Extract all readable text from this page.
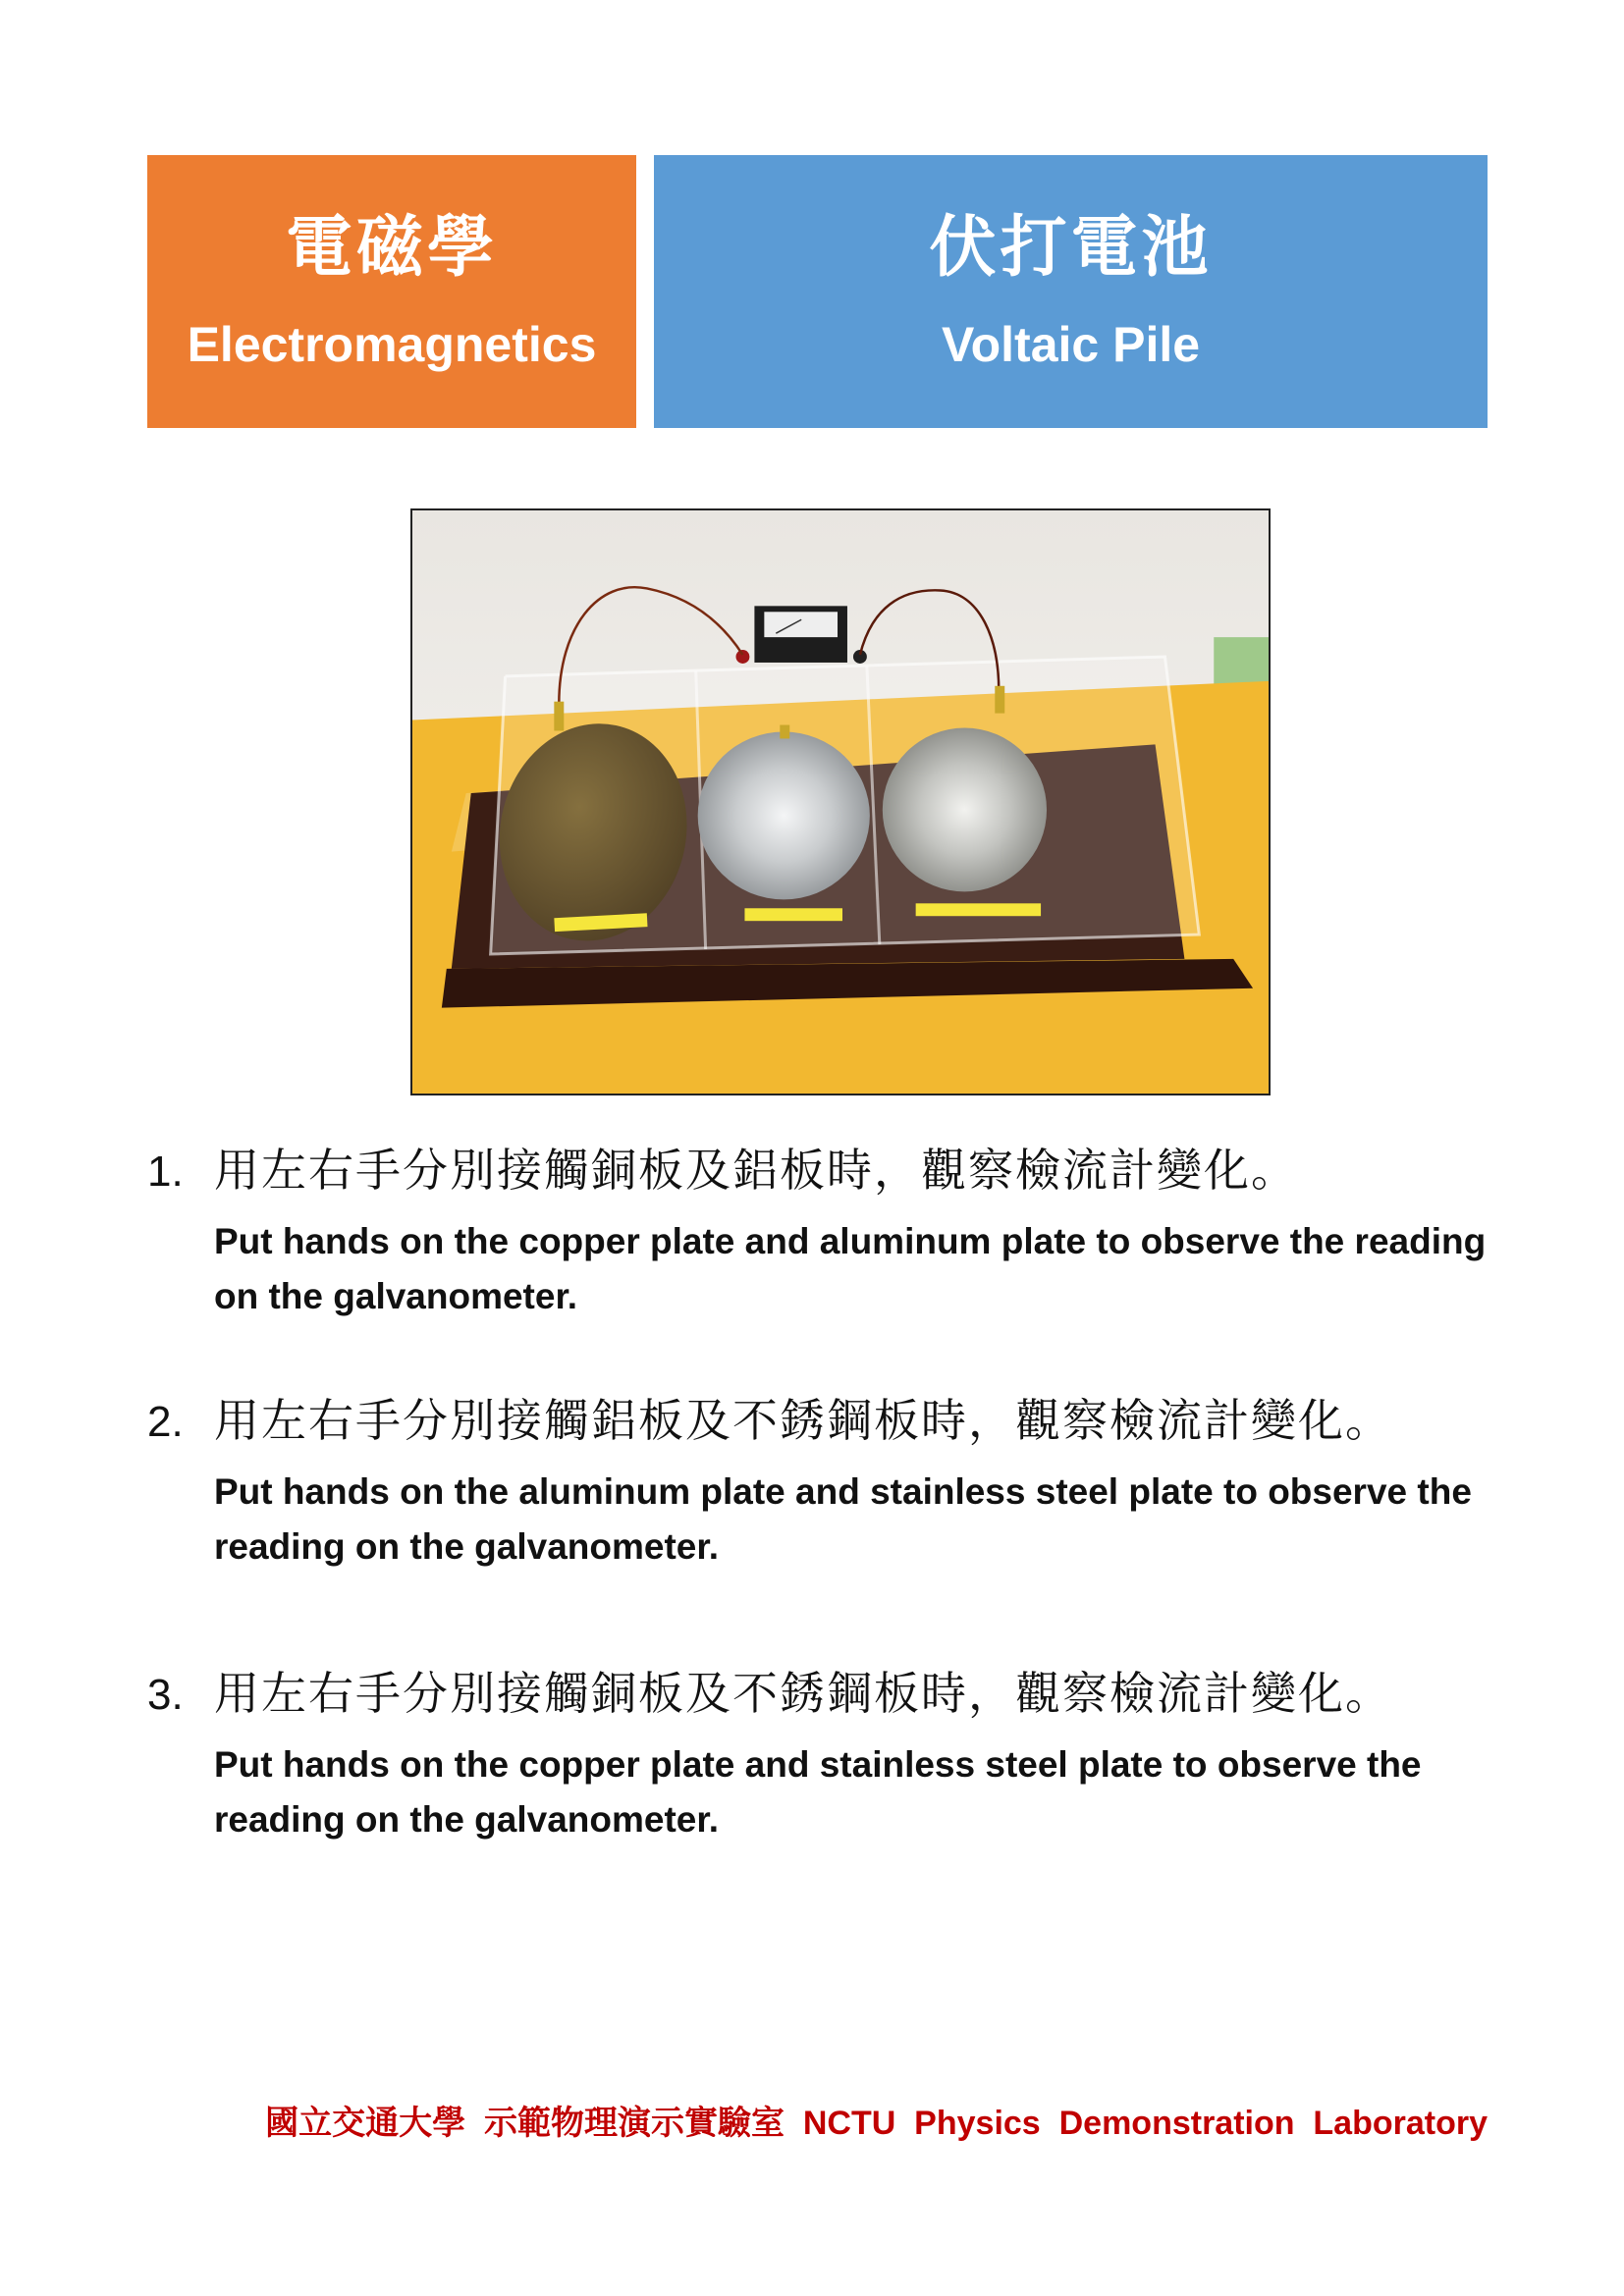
電磁學
Electromagnetics
伏打電池
Voltaic Pile
1. 用左右手分別接觸銅板及鋁板時，觀察檢流計變化。
Put hands on the copper plate and aluminum plate to observe the reading on the galvanometer.
2. 用左右手分別接觸鋁板及不銹鋼板時，觀察檢流計變化。
Put hands on the aluminum plate and stainless steel plate to observe the reading on the galvanometer.
3. 用左右手分別接觸銅板及不銹鋼板時，觀察檢流計變化。
Put hands on the copper plate and stainless steel plate to observe the reading on the galvanometer.
國立交通大學  示範物理演示實驗室  NCTU  Physics  Demonstration  Laboratory
